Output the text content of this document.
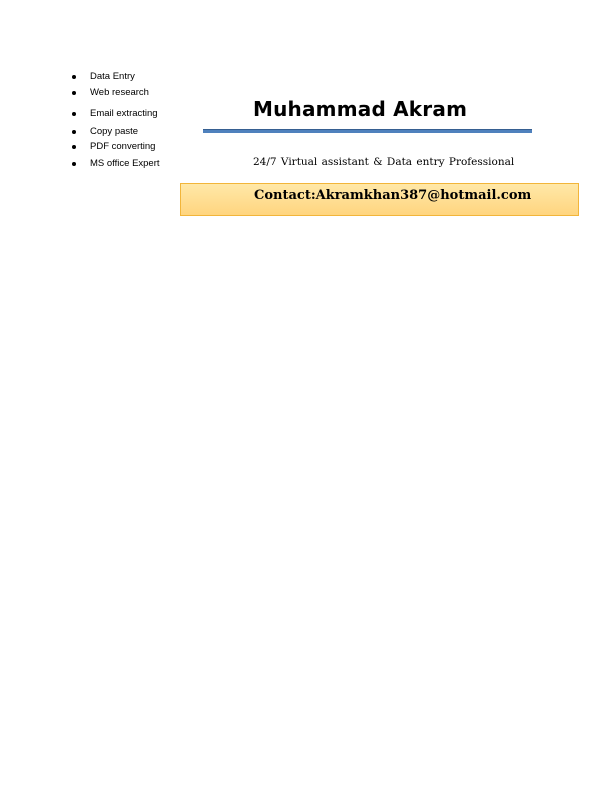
Data Entry
Web research
Email extracting
Copy paste
PDF converting
MS office Expert
Muhammad Akram
24/7 Virtual assistant & Data entry Professional
Contact:Akramkhan387@hotmail.com
